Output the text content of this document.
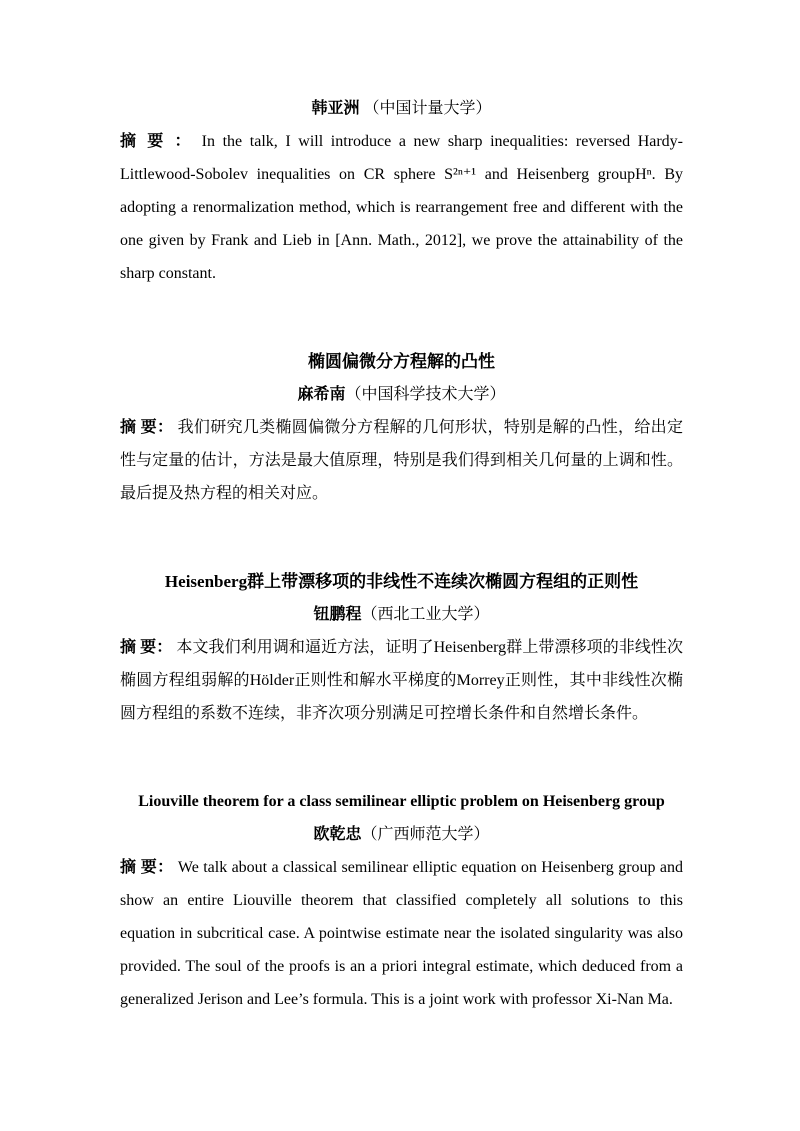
韩亚洲 （中国计量大学）

摘 要 ： In the talk, I will introduce a new sharp inequalities: reversed Hardy-Littlewood-Sobolev inequalities on CR sphere S²ⁿ⁺¹ and Heisenberg groupHⁿ. By adopting a renormalization method, which is rearrangement free and different with the one given by Frank and Lieb in [Ann. Math., 2012], we prove the attainability of the sharp constant.

椭圆偏微分方程解的凸性

麻希南（中国科学技术大学）

摘 要： 我们研究几类椭圆偏微分方程解的几何形状，特别是解的凸性，给出定性与定量的估计，方法是最大值原理，特别是我们得到相关几何量的上调和性。最后提及热方程的相关对应。

Heisenberg群上带漂移项的非线性不连续次椭圆方程组的正则性

钮鹏程（西北工业大学）

摘 要： 本文我们利用调和逼近方法，证明了Heisenberg群上带漂移项的非线性次椭圆方程组弱解的Hölder正则性和解水平梯度的Morrey正则性，其中非线性次椭圆方程组的系数不连续，非齐次项分别满足可控增长条件和自然增长条件。

Liouville theorem for a class semilinear elliptic problem on Heisenberg group

欧乾忠（广西师范大学）

摘 要： We talk about a classical semilinear elliptic equation on Heisenberg group and show an entire Liouville theorem that classified completely all solutions to this equation in subcritical case. A pointwise estimate near the isolated singularity was also provided. The soul of the proofs is an a priori integral estimate, which deduced from a generalized Jerison and Lee’s formula. This is a joint work with professor Xi-Nan Ma.
